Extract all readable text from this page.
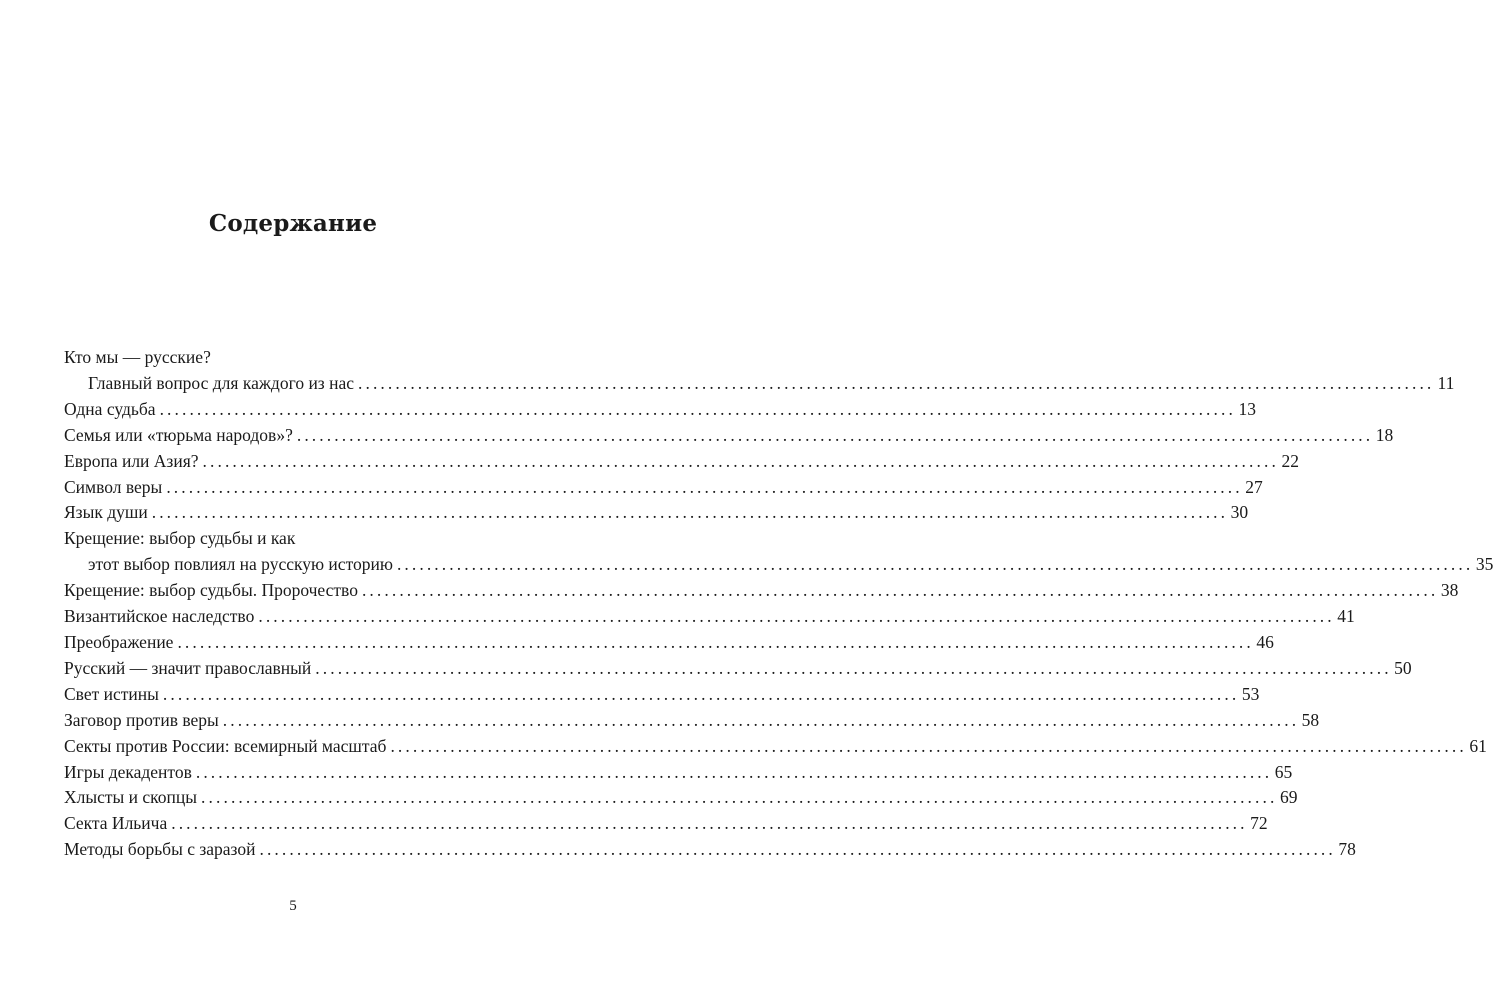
Содержание
Кто мы — русские?
Главный вопрос для каждого из нас .....	11
Одна судьба .....	13
Семья или «тюрьма народов»? .....	18
Европа или Азия? .....	22
Символ веры .....	27
Язык души .....	30
Крещение: выбор судьбы и как
этот выбор повлиял на русскую историю .....	35
Крещение: выбор судьбы. Пророчество .....	38
Византийское наследство .....	41
Преображение .....	46
Русский — значит православный .....	50
Свет истины .....	53
Заговор против веры .....	58
Секты против России: всемирный масштаб .....	61
Игры декадентов .....	65
Хлысты и скопцы .....	69
Секта Ильича .....	72
Методы борьбы с заразой .....	78
5
